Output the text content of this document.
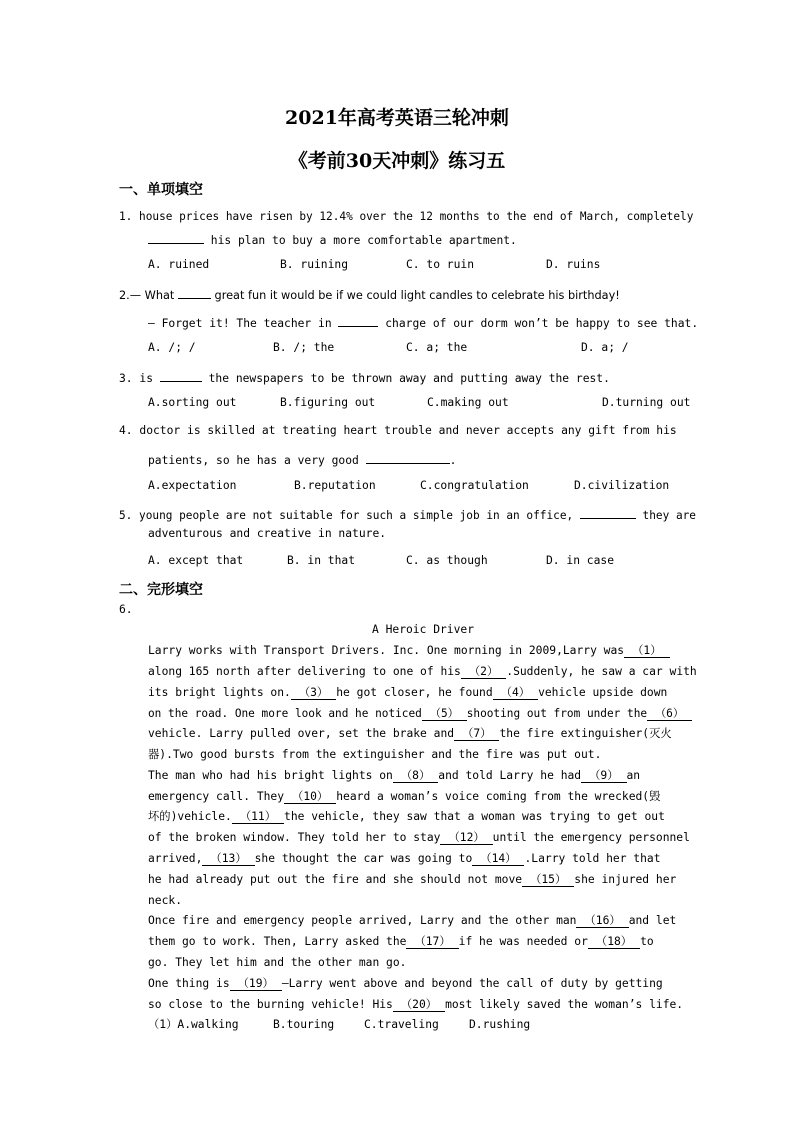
2021年高考英语三轮冲刺
《考前30天冲刺》练习五
一、单项填空
1. house prices have risen by 12.4% over the 12 months to the end of March, completely
his plan to buy a more comfortable apartment.
A. ruined	B. ruining	C. to ruin	D. ruins
2.— What	great fun it would be if we could light candles to celebrate his birthday!
— Forget it! The teacher in	charge of our dorm won’t be happy to see that.
A. /; /	B. /; the	C. a; the	D. a; /
3. is	the newspapers to be thrown away and putting away the rest.
A.sorting out	B.figuring out	C.making out	D.turning out
4. doctor is skilled at treating heart trouble and never accepts any gift from his
patients, so he has a very good	.
A.expectation	B.reputation	C.congratulation	D.civilization
5. young people are not suitable for such a simple job in an office,	they are
adventurous and creative in nature.
A. except that	B. in that	C. as though	D. in case
二、完形填空
6.
A Heroic Driver
Larry works with Transport Drivers. Inc. One morning in 2009,Larry was （1）
along 165 north after delivering to one of his （2） .Suddenly, he saw a car with
its bright lights on. （3） he got closer, he found （4） vehicle upside down
on the road. One more look and he noticed （5） shooting out from under the （6）
vehicle. Larry pulled over, set the brake and （7） the fire extinguisher(灭火
器).Two good bursts from the extinguisher and the fire was put out.
The man who had his bright lights on （8） and told Larry he had （9） an
emergency call. They （10） heard a woman’s voice coming from the wrecked(毁
坏的)vehicle. （11） the vehicle, they saw that a woman was trying to get out
of the broken window. They told her to stay （12） until the emergency personnel
arrived, （13） she thought the car was going to （14） .Larry told her that
he had already put out the fire and she should not move （15） she injured her
neck.
Once fire and emergency people arrived, Larry and the other man （16） and let
them go to work. Then, Larry asked the （17） if he was needed or （18） to
go. They let him and the other man go.
One thing is （19） —Larry went above and beyond the call of duty by getting
so close to the burning vehicle! His （20） most likely saved the woman’s life.
（1）A.walking	B.touring	C.traveling	D.rushing
